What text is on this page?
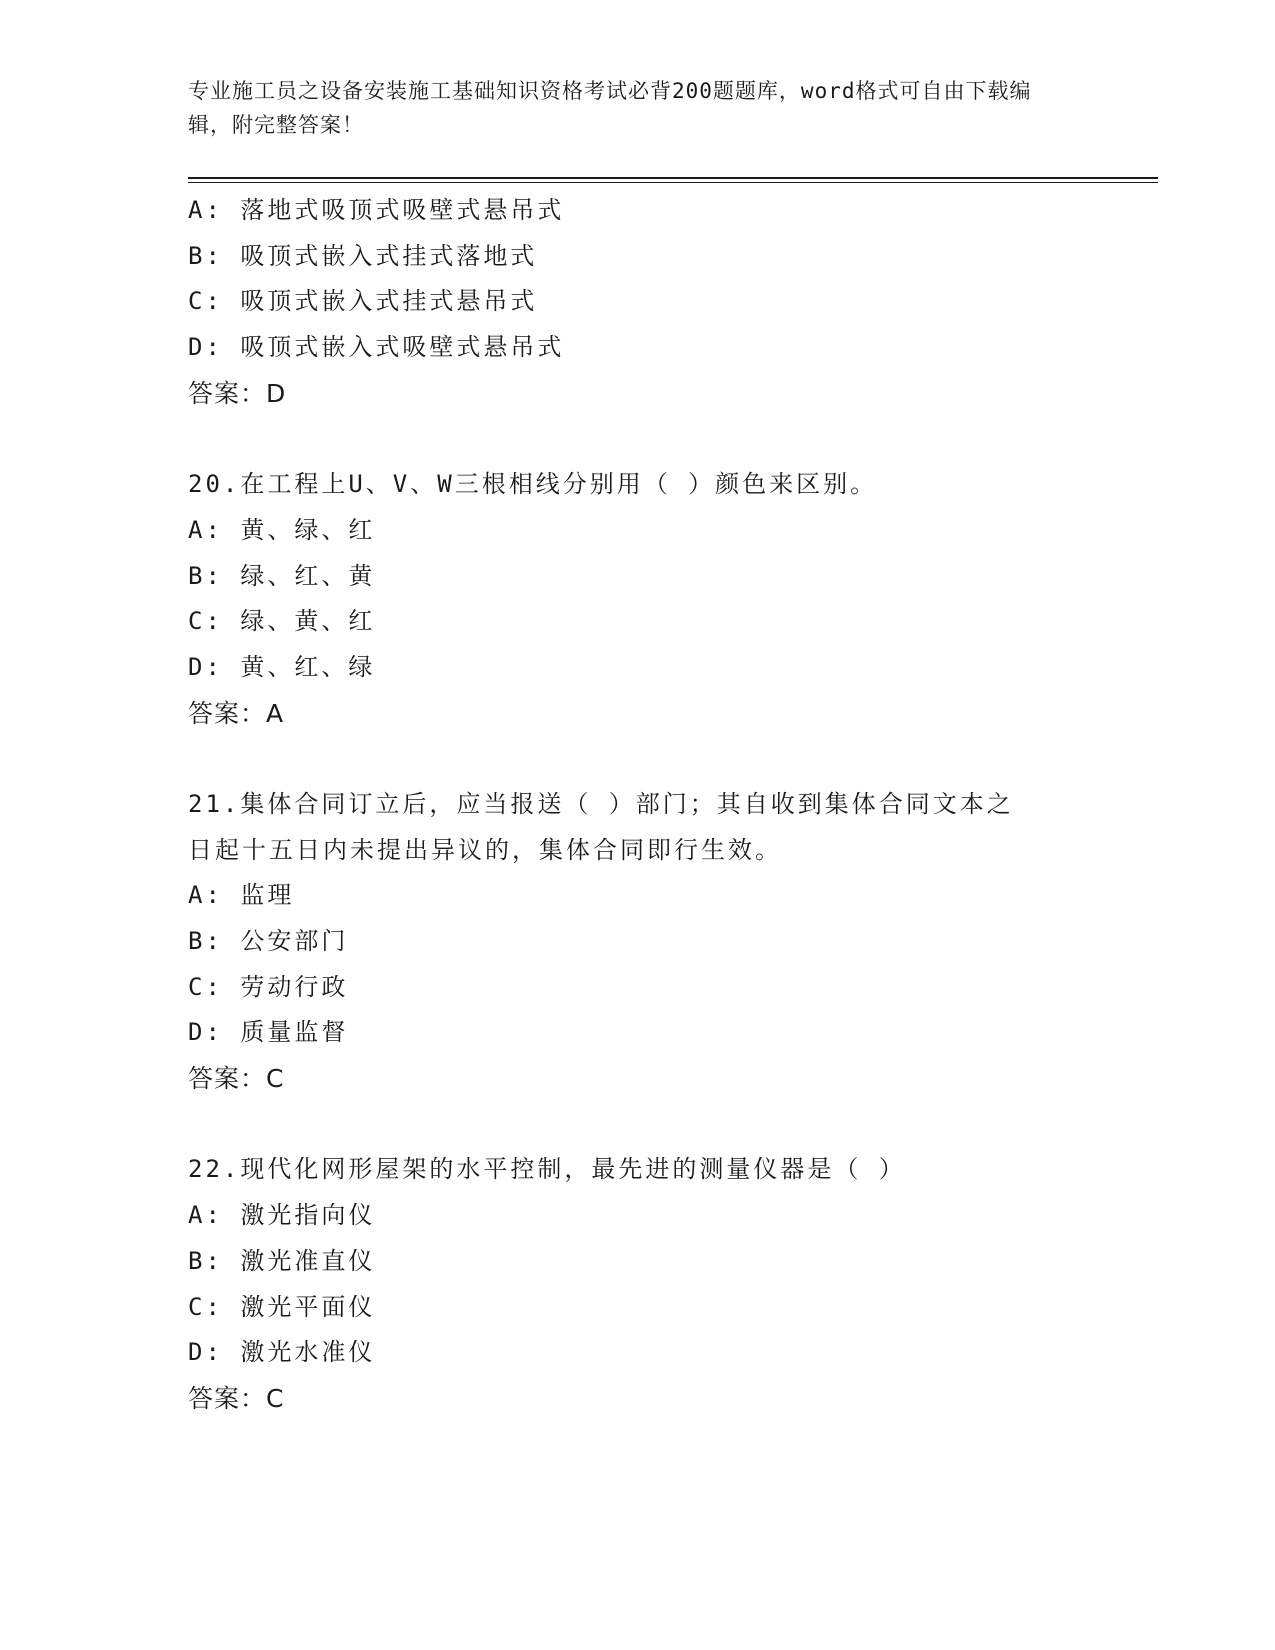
专业施工员之设备安装施工基础知识资格考试必背200题题库，word格式可自由下载编辑，附完整答案！
A: 落地式吸顶式吸壁式悬吊式
B: 吸顶式嵌入式挂式落地式
C: 吸顶式嵌入式挂式悬吊式
D: 吸顶式嵌入式吸壁式悬吊式
答案：D
20.在工程上U、V、W三根相线分别用（ ）颜色来区别。
A: 黄、绿、红
B: 绿、红、黄
C: 绿、黄、红
D: 黄、红、绿
答案：A
21.集体合同订立后，应当报送（ ）部门；其自收到集体合同文本之
日起十五日内未提出异议的，集体合同即行生效。
A: 监理
B: 公安部门
C: 劳动行政
D: 质量监督
答案：C
22.现代化网形屋架的水平控制，最先进的测量仪器是（ ）
A: 激光指向仪
B: 激光准直仪
C: 激光平面仪
D: 激光水准仪
答案：C
